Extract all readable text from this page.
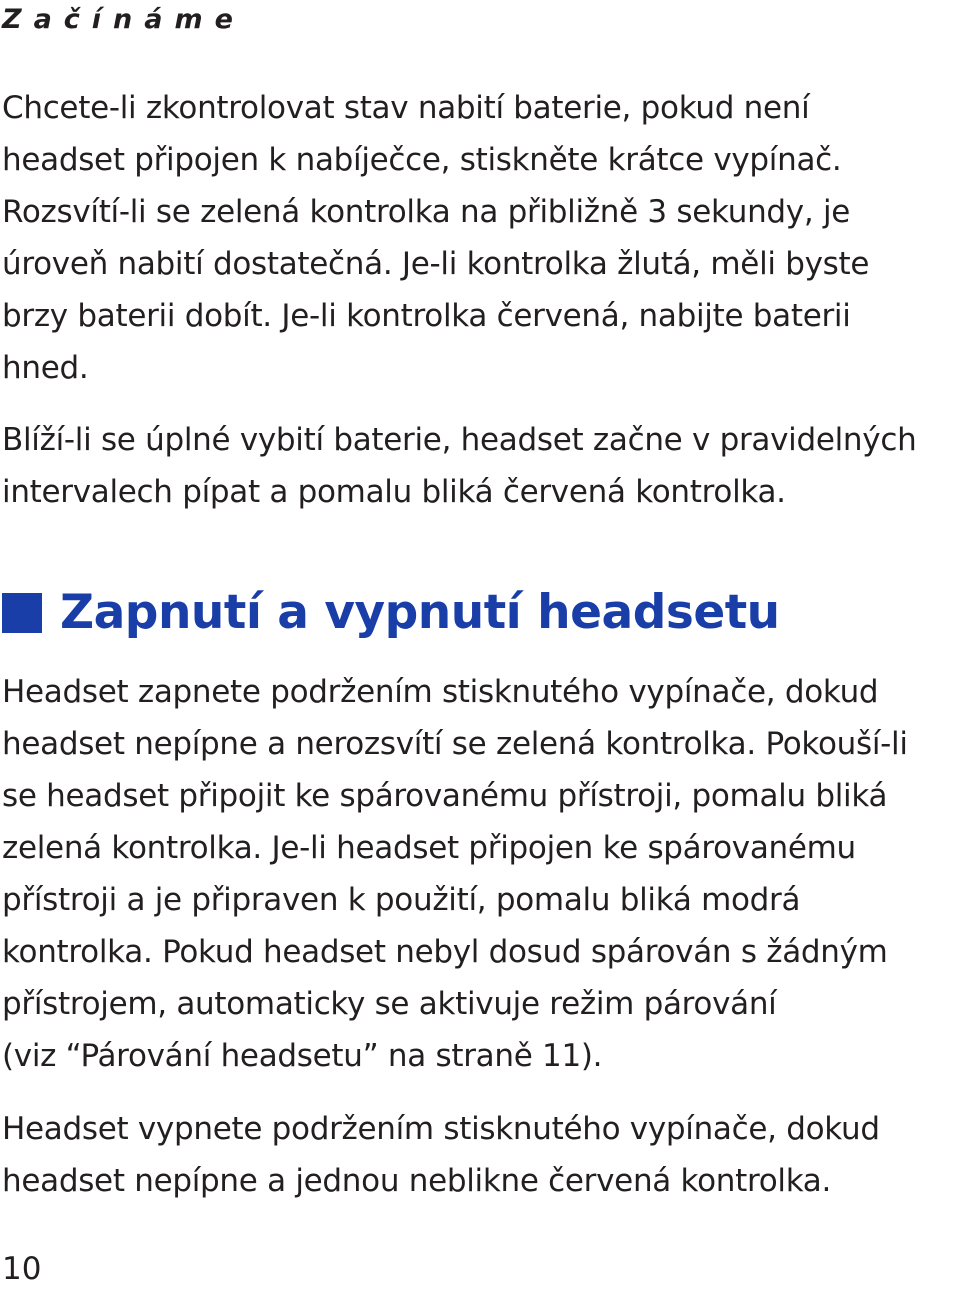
Začínáme

Chcete-li zkontrolovat stav nabití baterie, pokud není
headset připojen k nabíječce, stiskněte krátce vypínač.
Rozsvítí-li se zelená kontrolka na přibližně 3 sekundy, je
úroveň nabití dostatečná. Je-li kontrolka žlutá, měli byste
brzy baterii dobít. Je-li kontrolka červená, nabijte baterii
hned.

Blíží-li se úplné vybití baterie, headset začne v pravidelných
intervalech pípat a pomalu bliká červená kontrolka.

Zapnutí a vypnutí headsetu

Headset zapnete podržením stisknutého vypínače, dokud
headset nepípne a nerozsvítí se zelená kontrolka. Pokouší-li
se headset připojit ke spárovanému přístroji, pomalu bliká
zelená kontrolka. Je-li headset připojen ke spárovanému
přístroji a je připraven k použití, pomalu bliká modrá
kontrolka. Pokud headset nebyl dosud spárován s žádným
přístrojem, automaticky se aktivuje režim párování
(viz “Párování headsetu” na straně 11).

Headset vypnete podržením stisknutého vypínače, dokud
headset nepípne a jednou neblikne červená kontrolka.

10
